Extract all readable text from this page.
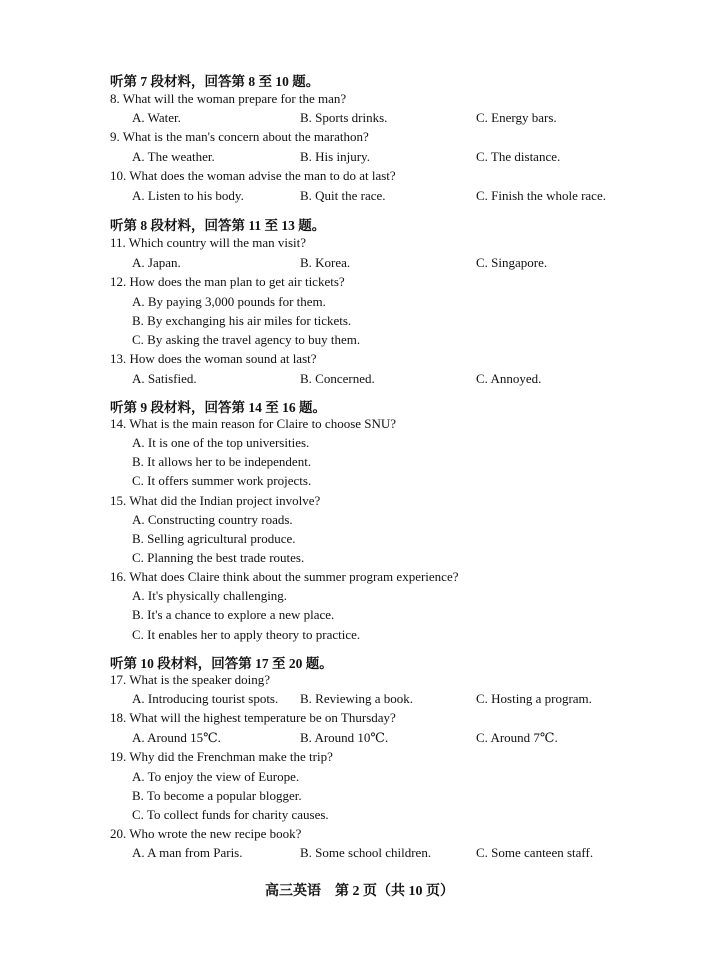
听第 7 段材料，回答第 8 至 10 题。
8. What will the woman prepare for the man?
A. Water.	B. Sports drinks.	C. Energy bars.
9. What is the man's concern about the marathon?
A. The weather.	B. His injury.	C. The distance.
10. What does the woman advise the man to do at last?
A. Listen to his body.	B. Quit the race.	C. Finish the whole race.
听第 8 段材料，回答第 11 至 13 题。
11. Which country will the man visit?
A. Japan.	B. Korea.	C. Singapore.
12. How does the man plan to get air tickets?
A. By paying 3,000 pounds for them.
B. By exchanging his air miles for tickets.
C. By asking the travel agency to buy them.
13. How does the woman sound at last?
A. Satisfied.	B. Concerned.	C. Annoyed.
听第 9 段材料，回答第 14 至 16 题。
14. What is the main reason for Claire to choose SNU?
A. It is one of the top universities.
B. It allows her to be independent.
C. It offers summer work projects.
15. What did the Indian project involve?
A. Constructing country roads.
B. Selling agricultural produce.
C. Planning the best trade routes.
16. What does Claire think about the summer program experience?
A. It's physically challenging.
B. It's a chance to explore a new place.
C. It enables her to apply theory to practice.
听第 10 段材料，回答第 17 至 20 题。
17. What is the speaker doing?
A. Introducing tourist spots. B. Reviewing a book.	C. Hosting a program.
18. What will the highest temperature be on Thursday?
A. Around 15℃.	B. Around 10℃.	C. Around 7℃.
19. Why did the Frenchman make the trip?
A. To enjoy the view of Europe.
B. To become a popular blogger.
C. To collect funds for charity causes.
20. Who wrote the new recipe book?
A. A man from Paris.	B. Some school children.	C. Some canteen staff.
高三英语　第 2 页（共 10 页）
